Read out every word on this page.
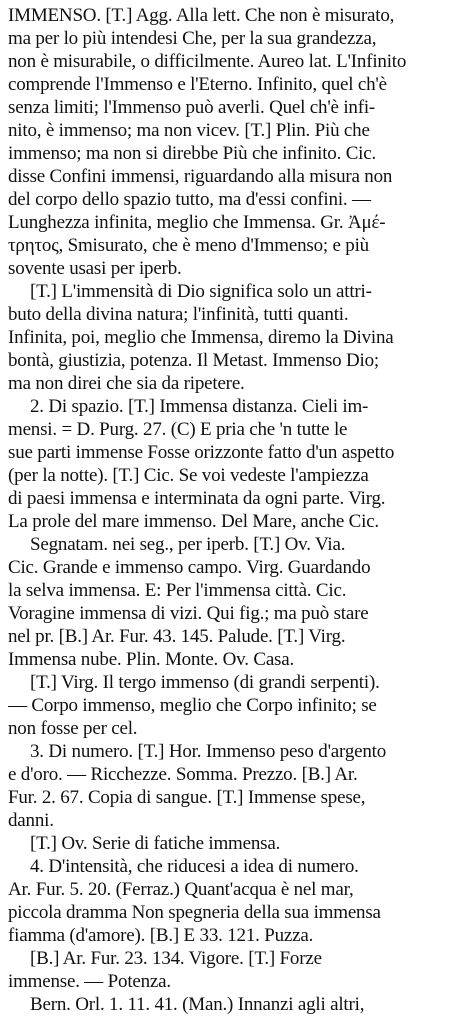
IMMENSO. [T.] Agg. Alla lett. Che non è misurato,
ma per lo più intendesi Che, per la sua grandezza,
non è misurabile, o difficilmente. Aureo lat. L'Infinito
comprende l'Immenso e l'Eterno. Infinito, quel ch'è
senza limiti; l'Immenso può averli. Quel ch'è infi-
nito, è immenso; ma non vicev. [T.] Plin. Più che
immenso; ma non si direbbe Più che infinito. Cic.
disse Confini immensi, riguardando alla misura non
del corpo dello spazio tutto, ma d'essi confini. —
Lunghezza infinita, meglio che Immensa. Gr. Ἀμέ-
τρητος, Smisurato, che è meno d'Immenso; e più
sovente usasi per iperb.
[T.] L'immensità di Dio significa solo un attri-
buto della divina natura; l'infinità, tutti quanti.
Infinita, poi, meglio che Immensa, diremo la Divina
bontà, giustizia, potenza. Il Metast. Immenso Dio;
ma non direi che sia da ripetere.
2. Di spazio. [T.] Immensa distanza. Cieli im-
mensi. = D. Purg. 27. (C) E pria che 'n tutte le
sue parti immense Fosse orizzonte fatto d'un aspetto
(per la notte). [T.] Cic. Se voi vedeste l'ampiezza
di paesi immensa e interminata da ogni parte. Virg.
La prole del mare immenso. Del Mare, anche Cic.
Segnatam. nei seg., per iperb. [T.] Ov. Via.
Cic. Grande e immenso campo. Virg. Guardando
la selva immensa. E: Per l'immensa città. Cic.
Voragine immensa di vizi. Qui fig.; ma può stare
nel pr. [B.] Ar. Fur. 43. 145. Palude. [T.] Virg.
Immensa nube. Plin. Monte. Ov. Casa.
[T.] Virg. Il tergo immenso (di grandi serpenti).
— Corpo immenso, meglio che Corpo infinito; se
non fosse per cel.
3. Di numero. [T.] Hor. Immenso peso d'argento
e d'oro. — Ricchezze. Somma. Prezzo. [B.] Ar.
Fur. 2. 67. Copia di sangue. [T.] Immense spese,
danni.
[T.] Ov. Serie di fatiche immensa.
4. D'intensità, che riducesi a idea di numero.
Ar. Fur. 5. 20. (Ferraz.) Quant'acqua è nel mar,
piccola dramma Non spegneria della sua immensa
fiamma (d'amore). [B.] E 33. 121. Puzza.
[B.] Ar. Fur. 23. 134. Vigore. [T.] Forze
immense. — Potenza.
Bern. Orl. 1. 11. 41. (Man.) Innanzi agli altri,
